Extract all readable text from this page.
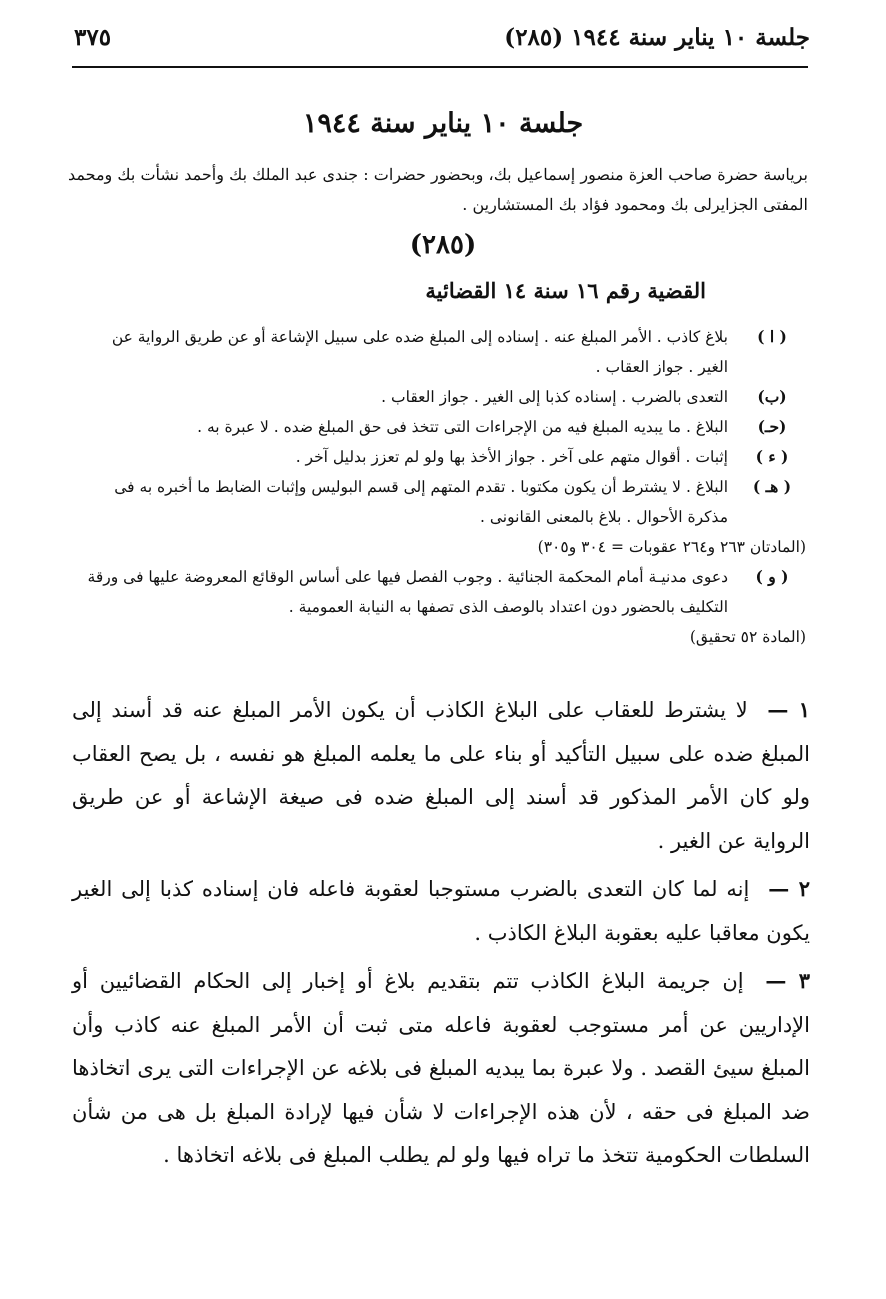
جلسة ١٠ يناير سنة ١٩٤٤ (٢٨٥)
٣٧٥
جلسة ١٠ يناير سنة ١٩٤٤
برياسة حضرة صاحب العزة منصور إسماعيل بك، وبحضور حضرات : جندى عبد الملك بك وأحمد نشأت بك ومحمد المفتى الجزايرلى بك ومحمود فؤاد بك المستشارين .
(٢٨٥)
القضية رقم ١٦ سنة ١٤ القضائية

( ا )
بلاغ كاذب . الأمر المبلغ عنه . إسناده إلى المبلغ ضده على سبيل الإشاعة أو عن طريق الرواية عن الغير . جواز العقاب .

(ب)
التعدى بالضرب . إسناده كذبا إلى الغير . جواز العقاب .

(حـ)
البلاغ . ما يبديه المبلغ فيه من الإجراءات التى تتخذ فى حق المبلغ ضده . لا عبرة به .

( ء )
إثبات . أقوال متهم على آخر . جواز الأخذ بها ولو لم تعزز بدليل آخر .

( هـ )
البلاغ . لا يشترط أن يكون مكتوبا . تقدم المتهم إلى قسم البوليس وإثبات الضابط ما أخبره به فى مذكرة الأحوال . بلاغ بالمعنى القانونى .

(المادتان ٢٦٣ و٢٦٤ عقوبات = ٣٠٤ و٣٠٥)

( و )
دعوى مدنيـة أمام المحكمة الجنائية . وجوب الفصل فيها على أساس الوقائع المعروضة عليها فى ورقة التكليف بالحضور دون اعتداد بالوصف الذى تصفها به النيابة العمومية .

(المادة ٥٢ تحقيق)

١ — لا يشترط للعقاب على البلاغ الكاذب أن يكون الأمر المبلغ عنه قد أسند إلى المبلغ ضده على سبيل التأكيد أو بناء على ما يعلمه المبلغ هو نفسه ، بل يصح العقاب ولو كان الأمر المذكور قد أسند إلى المبلغ ضده فى صيغة الإشاعة أو عن طريق الرواية عن الغير .

٢ — إنه لما كان التعدى بالضرب مستوجبا لعقوبة فاعله فان إسناده كذبا إلى الغير يكون معاقبا عليه بعقوبة البلاغ الكاذب .

٣ — إن جريمة البلاغ الكاذب تتم بتقديم بلاغ أو إخبار إلى الحكام القضائيين أو الإداريين عن أمر مستوجب لعقوبة فاعله متى ثبت أن الأمر المبلغ عنه كاذب وأن المبلغ سيئ القصد . ولا عبرة بما يبديه المبلغ فى بلاغه عن الإجراءات التى يرى اتخاذها ضد المبلغ فى حقه ، لأن هذه الإجراءات لا شأن فيها لإرادة المبلغ بل هى من شأن السلطات الحكومية تتخذ ما تراه فيها ولو لم يطلب المبلغ فى بلاغه اتخاذها .
